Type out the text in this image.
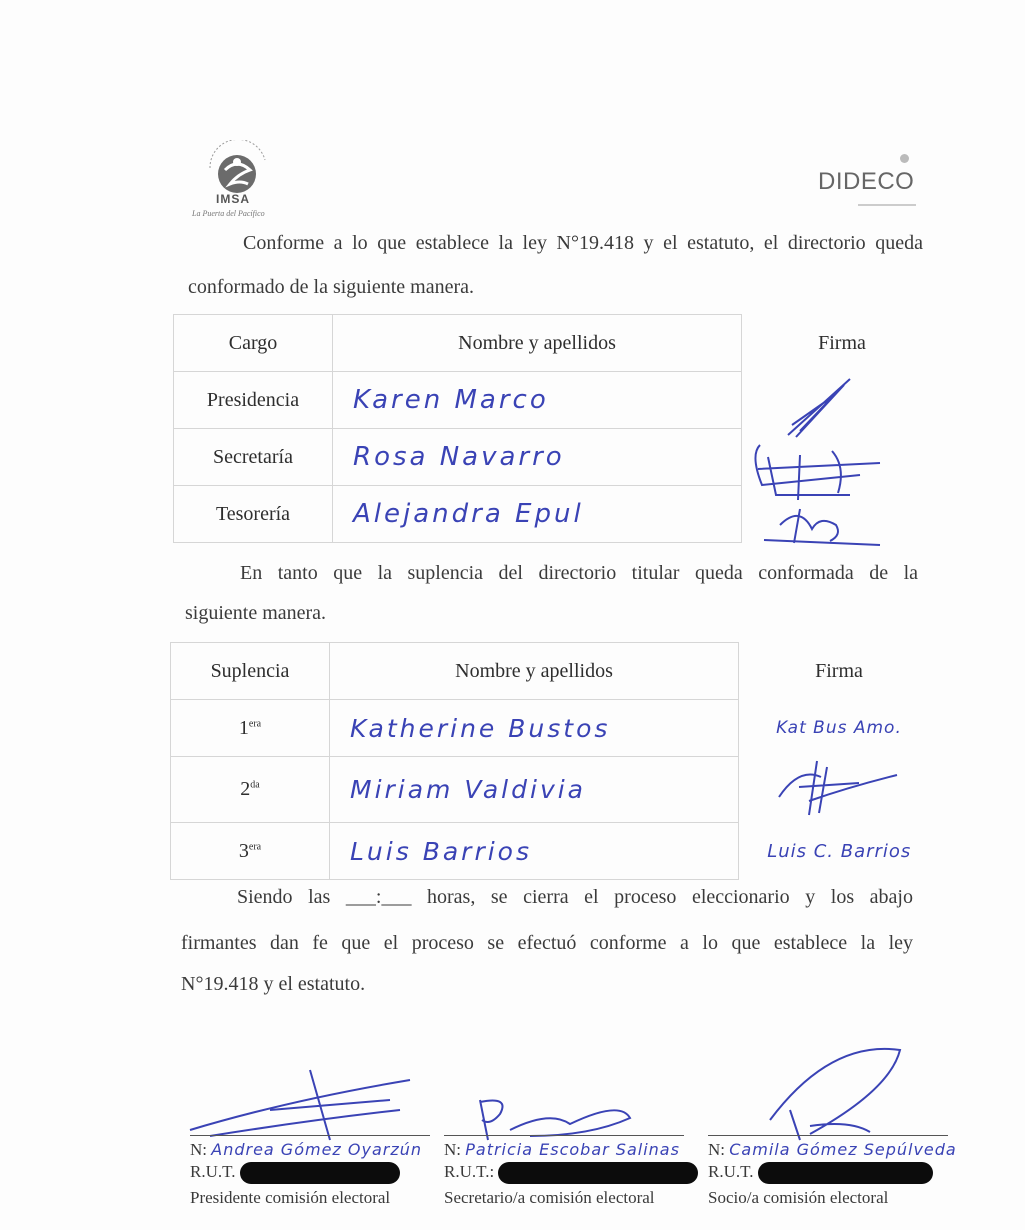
IMSA
La Puerta del Pacífico
DIDECO
Conforme a lo que establece la ley N°19.418 y el estatuto, el directorio queda
conformado de la siguiente manera.
Cargo	Nombre y apellidos	Firma
Presidencia	Karen Marco	
Secretaría	Rosa Navarro	
Tesorería	Alejandra Epul	
En tanto que la suplencia del directorio titular queda conformada de la
siguiente manera.
Suplencia	Nombre y apellidos	Firma
$1^{era}$	Katherine Bustos	Kat Bus Amo.
$2^{da}$	Miriam Valdivia	
$3^{era}$	Luis Barrios	Luis C. Barrios
Siendo las ___:___ horas, se cierra el proceso eleccionario y los abajo
firmantes dan fe que el proceso se efectuó conforme a lo que establece la ley
N°19.418 y el estatuto.
N: Andrea Gómez Oyarzún
R.U.T.
Presidente comisión electoral
N: Patricia Escobar Salinas
R.U.T.:
Secretario/a comisión electoral
N: Camila Gómez Sepúlveda
R.U.T.
Socio/a comisión electoral
